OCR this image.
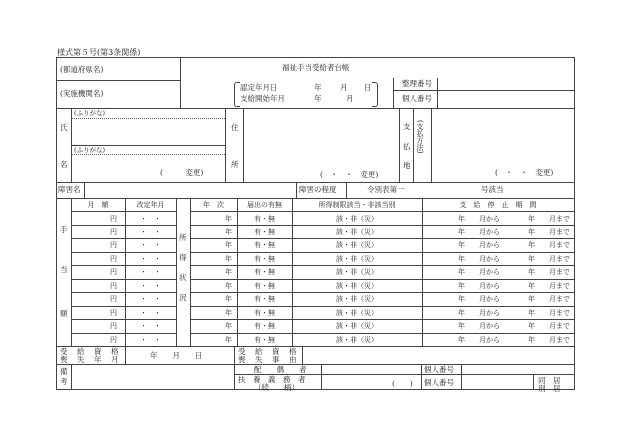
様式第５号(第3条関係)
(都道府県名)
(実施機関名)
福祉手当受給者台帳
認定年月日	年 月 日
支給開始年月	年	月
整理番号
個人番号
氏
名
(ふりがな)
(ふりがな)
(　　　変更)
住
所
(　・　・　変更)
支
払
地
(支払方法)
(　・　・　変更)
障害名	障害の程度	令別表第一	号該当
手
当
額
月　額	改定年月
所
得
状
況
年　次	届出の有無	所得制限該当・非該当別	支　給　停　止　期　間
円	・　・	年	有・無	該・非（災）	年　　月から	年　　月まで
円	・　・	年	有・無	該・非（災）	年　　月から	年　　月まで
円	・　・	年	有・無	該・非（災）	年　　月から	年　　月まで
円	・　・	年	有・無	該・非（災）	年　　月から	年　　月まで
円	・　・	年	有・無	該・非（災）	年　　月から	年　　月まで
円	・　・	年	有・無	該・非（災）	年　　月から	年　　月まで
円	・　・	年	有・無	該・非（災）	年　　月から	年　　月まで
円	・　・	年	有・無	該・非（災）	年　　月から	年　　月まで
円	・　・	年	有・無	該・非（災）	年　　月から	年　　月まで
円	・　・	年	有・無	該・非（災）	年　　月から	年　　月まで
受　給　資　格
喪　失　年　月	年　　月　　日	受　給　資　格
喪　失　事　由
備
考
配　　偶　　者
扶　養　義　務　者
（続　　柄）	(　　)
個人番号
個人番号	同　居
別　居
